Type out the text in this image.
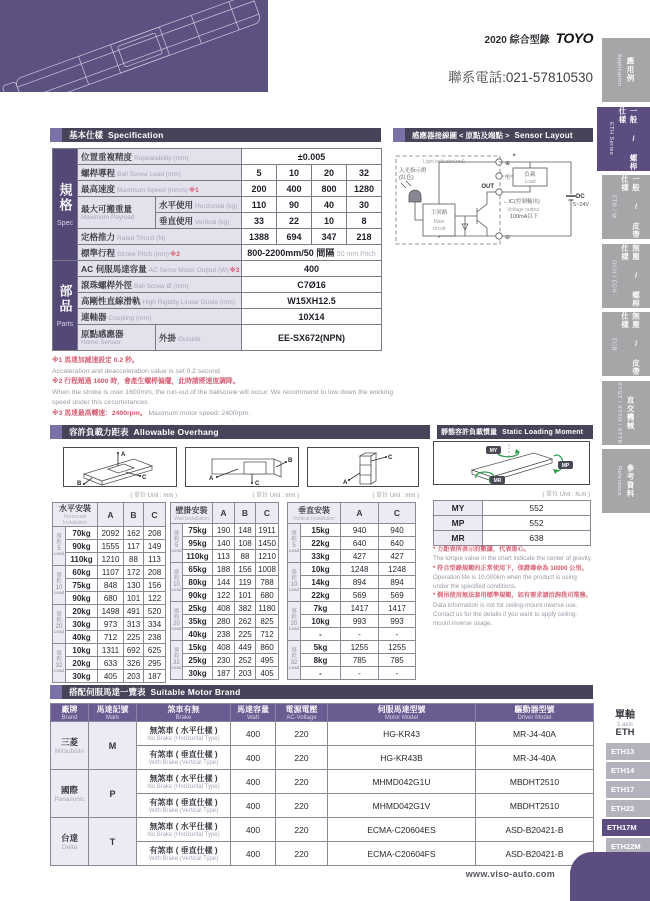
2020 綜合型錄 TOYO
聯系電話:021-57810530
基本仕樣 Specification	感應器接線圖 < 原點及端點 > Sensor Layout
容許負載力距表 Allowable Overhang	靜態容許負載慣量 Static Loading Moment
搭配伺服馬達一覽表 Suitable Motor Brand
規格
Spec	位置重複精度 Repeatability (mm)		±0.005			
	螺桿導程 Ball Screw Lead (mm)		5	10	20	32
	最高速度 Maximum Speed (mm/s)※1		200	400	800	1280

	最大可搬重量
Maximum Payload	水平使用 Horizontal (kg)	110	90	40	30
		垂直使用 Vertical (kg)	33	22	10	8
	定格推力 Rated Thrust (N)		1388	694	347	218
	標準行程 Stroke Pitch (mm)※2		800-2200mm/50 間隔 50 mm Pitch			
部品
Parts	AC 伺服馬達容量 AC Servo Motor Output (W)※3		400			
	滾珠螺桿外徑 Ball Screw Ø (mm)		C7Ø16			
	高剛性直線滑軌 High Rigidity Linear Guide (mm)		W15XH12.5			
	連軸器 Coupling (mm)		10X14			

	原點感應器
Home Sensor	外掛 Outside	EE-SX672(NPN)			
※1 馬達加減速設定 0.2 秒。
Acceleration and deacceleration value is set 0.2 second.
※2 行程超過 1600 時，會產生螺桿偏擺，此時請將速度調降。
When the stroke is over 1600mm, the run-out of the ballscrew will occur. We recommend to low down the working speed under this circumstances.
※3 馬達最高轉速：2400rpm。 Maximum motor speed: 2400rpm.
Light indicator(red)
入光指示燈
(紅色)
主回路
Main
circuit
⊕
*
Ⓛ
OUT
⊖
負載
Load
DC
5~24V
←IC(控制輸出)
Voltage output
100mA以下
A
B
C	A
B
C	A
C
MY
MP
MR
( 單位 Unit : mm )	( 單位 Unit : mm )	( 單位 Unit : mm )	( 單位 Unit : N.m )
水平安裝
Horizontal Installation		A	B	C

導
程
5
Lead	70kg	2092	162	208
	90kg	1555	117	149
	110kg	1210	88	113

導
程
10
Lead	60kg	1107	172	208
	75kg	848	130	156
	90kg	680	101	122

導
程
20
Lead	20kg	1498	491	520
	30kg	973	313	334
	40kg	712	225	238

導
程
32
Lead	10kg	1311	692	625
	20kg	633	326	295
	30kg	405	203	187
壁掛安裝
Wall Installation		A	B	C

導
程
5
Lead	75kg	190	148	1911
	95kg	140	108	1450
	110kg	113	88	1210

導
程
10
Lead	65kg	188	156	1008
	80kg	144	119	788
	90kg	122	101	680

導
程
20
Lead	25kg	408	382	1180
	35kg	280	262	825
	40kg	238	225	712

導
程
32
Lead	15kg	408	449	860
	25kg	230	252	495
	30kg	187	203	405
垂直安裝
Vertical Installation		A	C

導
程
5
Lead	15kg	940	940
	22kg	640	640
	33kg	427	427

導
程
10
Lead	10kg	1248	1248
	14kg	894	894
	22kg	569	569

導
程
20
Lead	7kg	1417	1417
	10kg	993	993
	-	-	-

導
程
32
Lead	5kg	1255	1255
	8kg	785	785
	-	-	-
MY	552
MP	552
MR	638
* 力距表所表示的數據，代表重心。
The torque value in the chart indicate the center of gravity.
* 符合型錄規範的正常使用下，保證壽命為 10000 公里。
Operation life is 10,000km when the product is using under the specified conditions.
* 倒吊使用無法套用標準規範，如有需求請洽詢我司業務。
Data information is not for ceiling-mount inverse use. Contact us for the details if you want to apply ceiling-mount inverse usage.
廠牌
Brand	馬達記號
Mark	煞車有無
Brake	馬達容量
Watt	電源電壓
AC-Voltage	伺服馬達型號
Motor Model	驅動器型號
Driver Model

三菱
Mitsubishi	M	無煞車 ( 水平仕樣 )
No Brake (Horizontal Type)	400	220	HG-KR43	MR-J4-40A

		有煞車 ( 垂直仕樣 )
With Brake (Vertical Type)	400	220	HG-KR43B	MR-J4-40A

國際
Panasonic	P	無煞車 ( 水平仕樣 )
No Brake (Horizontal Type)	400	220	MHMD042G1U	MBDHT2510

		有煞車 ( 垂直仕樣 )
With Brake (Vertical Type)	400	220	MHMD042G1V	MBDHT2510

台達
Delta	T	無煞車 ( 水平仕樣 )
No Brake (Horizontal Type)	400	220	ECMA-C20604ES	ASD-B20421-B

		有煞車 ( 垂直仕樣 )
With Brake (Vertical Type)	400	220	ECMA-C20604FS	ASD-B20421-B
單軸
1 axis
ETH
Application 應用例
ETH Series	一般 / 螺桿仕樣
ETB / M	一般 / 皮帶仕樣
GCH / ECH	無塵 / 螺桿仕樣
ECB	無塵 / 皮帶仕樣
XYGT / XYTH / XYTB 直交機械
Reference 參考資料
ETH13
ETH14
ETH17
ETH22
ETH17M
ETH22M
www.viso-auto.com
